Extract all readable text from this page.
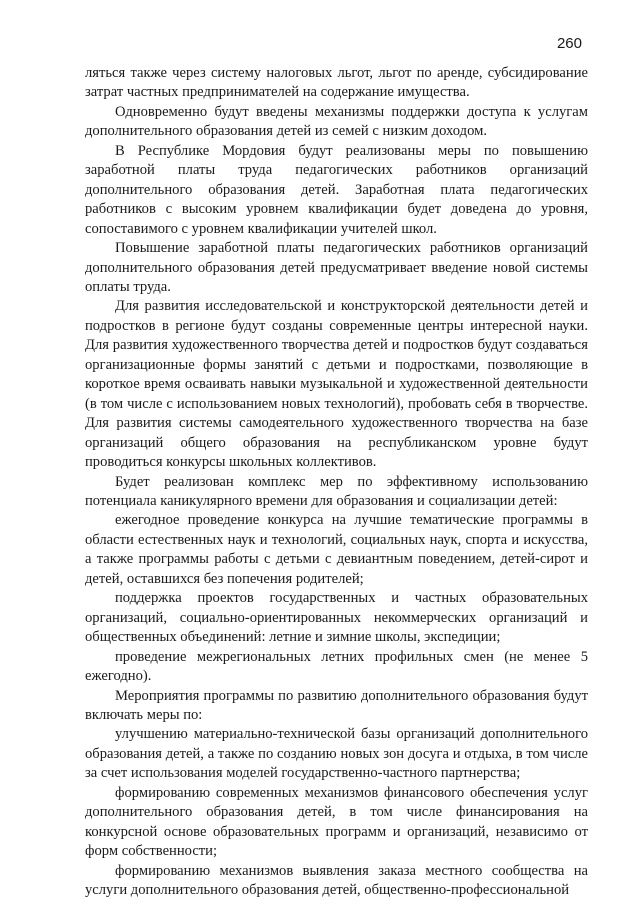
260

ляться также через систему налоговых льгот, льгот по аренде, субсидирование затрат частных предпринимателей на содержание имущества.

Одновременно будут введены механизмы поддержки доступа к услугам дополнительного образования детей из семей с низким доходом.

В Республике Мордовия будут реализованы меры по повышению заработной платы труда педагогических работников организаций дополнительного образования детей. Заработная плата педагогических работников с высоким уровнем квалификации будет доведена до уровня, сопоставимого с уровнем квалификации учителей школ.

Повышение заработной платы педагогических работников организаций дополнительного образования детей предусматривает введение новой системы оплаты труда.

Для развития исследовательской и конструкторской деятельности детей и подростков в регионе будут созданы современные центры интересной науки. Для развития художественного творчества детей и подростков будут создаваться организационные формы занятий с детьми и подростками, позволяющие в короткое время осваивать навыки музыкальной и художественной деятельности (в том числе с использованием новых технологий), пробовать себя в творчестве. Для развития системы самодеятельного художественного творчества на базе организаций общего образования на республиканском уровне будут проводиться конкурсы школьных коллективов.

Будет реализован комплекс мер по эффективному использованию потенциала каникулярного времени для образования и социализации детей:

ежегодное проведение конкурса на лучшие тематические программы в области естественных наук и технологий, социальных наук, спорта и искусства, а также программы работы с детьми с девиантным поведением, детей-сирот и детей, оставшихся без попечения родителей;

поддержка проектов государственных и частных образовательных организаций, социально-ориентированных некоммерческих организаций и общественных объединений: летние и зимние школы, экспедиции;

проведение межрегиональных летних профильных смен (не менее 5 ежегодно).

Мероприятия программы по развитию дополнительного образования будут включать меры по:

улучшению материально-технической базы организаций дополнительного образования детей, а также по созданию новых зон досуга и отдыха, в том числе за счет использования моделей государственно-частного партнерства;

формированию современных механизмов финансового обеспечения услуг дополнительного образования детей, в том числе финансирования на конкурсной основе образовательных программ и организаций, независимо от форм собственности;

формированию механизмов выявления заказа местного сообщества на услуги дополнительного образования детей, общественно-профессиональной
